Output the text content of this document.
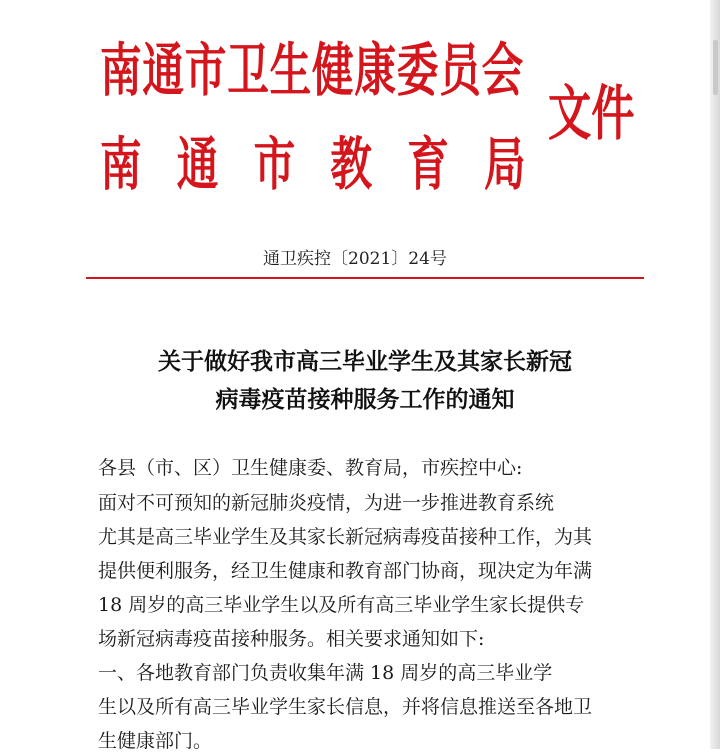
南通市卫生健康委员会
南通市教育局
文件
通卫疾控〔2021〕24号
关于做好我市高三毕业学生及其家长新冠
病毒疫苗接种服务工作的通知
各县（市、区）卫生健康委、教育局，市疾控中心:
面对不可预知的新冠肺炎疫情，为进一步推进教育系统
尤其是高三毕业学生及其家长新冠病毒疫苗接种工作，为其
提供便利服务，经卫生健康和教育部门协商，现决定为年满
18 周岁的高三毕业学生以及所有高三毕业学生家长提供专
场新冠病毒疫苗接种服务。相关要求通知如下:
一、各地教育部门负责收集年满 18 周岁的高三毕业学
生以及所有高三毕业学生家长信息，并将信息推送至各地卫
生健康部门。
